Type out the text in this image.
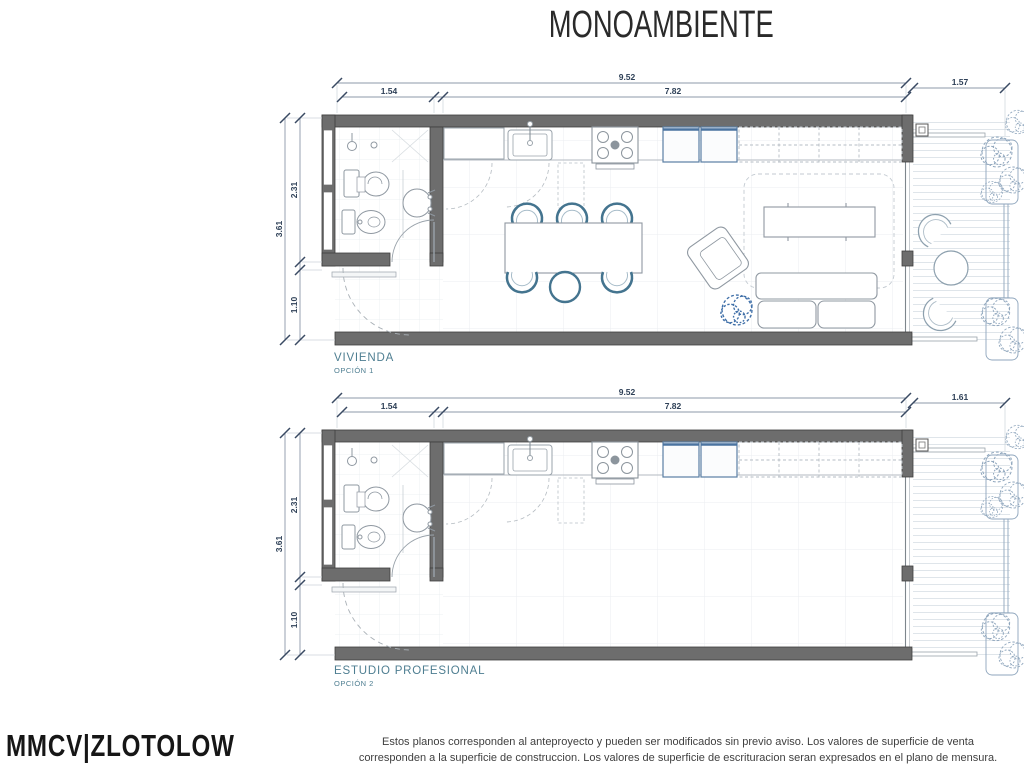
MONOAMBIENTE
9.52
1.54	7.82
1.57
3.61
2.31
1.10
9.52
1.54	7.82
1.61
3.61
2.31
1.10
VIVIENDA
OPCIÓN 1
ESTUDIO PROFESIONAL
OPCIÓN 2
MMCV|ZLOTOLOW	Estos planos corresponden al anteproyecto y pueden ser modificados sin previo aviso. Los valores de superficie de venta
corresponden a la superficie de construccion. Los valores de superficie de escrituracion seran expresados en el plano de mensura.
